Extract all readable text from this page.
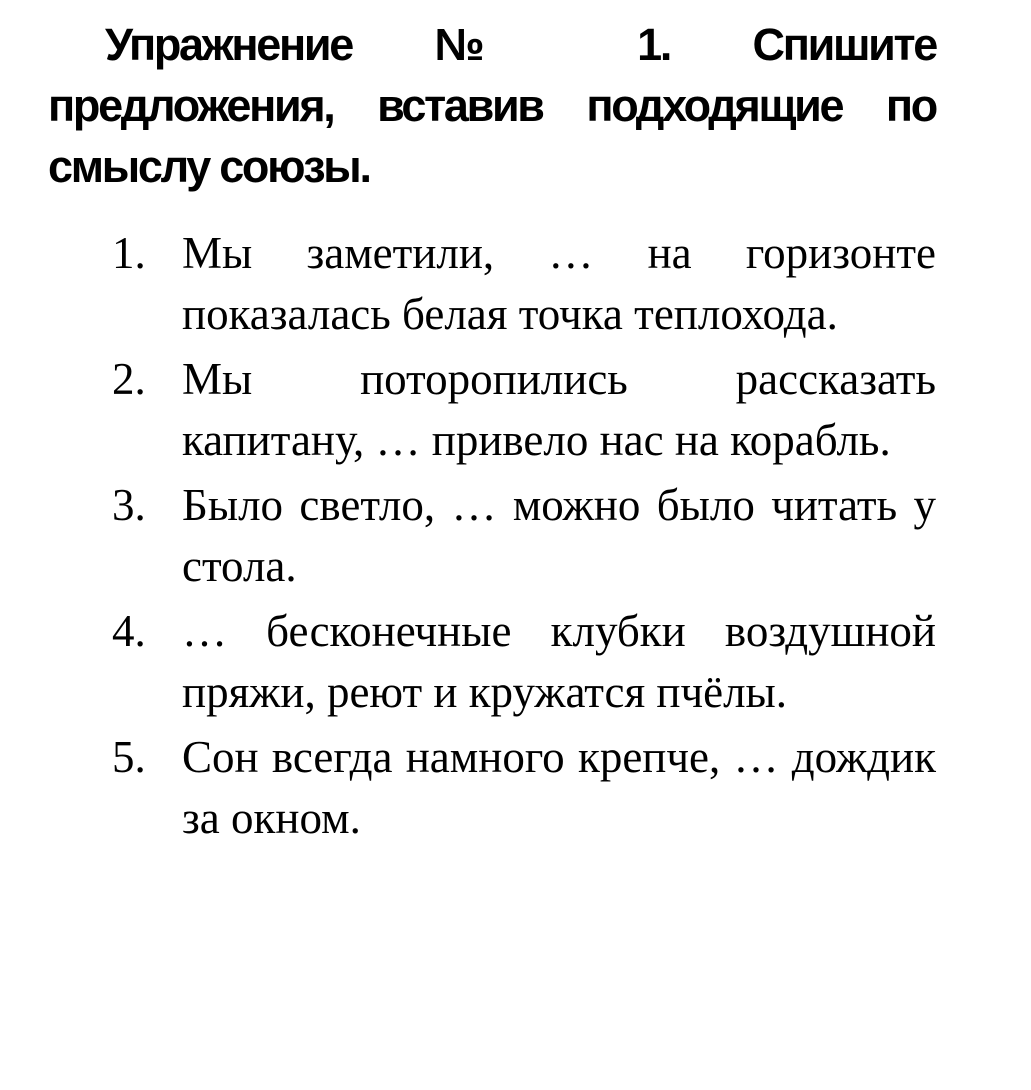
Упражнение № 1. Спишите предложения, вставив подходящие по смыслу союзы.

1. Мы заметили, … на горизонте показалась белая точка теплохода.

2. Мы поторопились рассказать капитану, … привело нас на корабль.

3. Было светло, … можно было читать у стола.

4. … бесконечные клубки воздушной пряжи, реют и кружатся пчёлы.

5. Сон всегда намного крепче, … дождик за окном.
